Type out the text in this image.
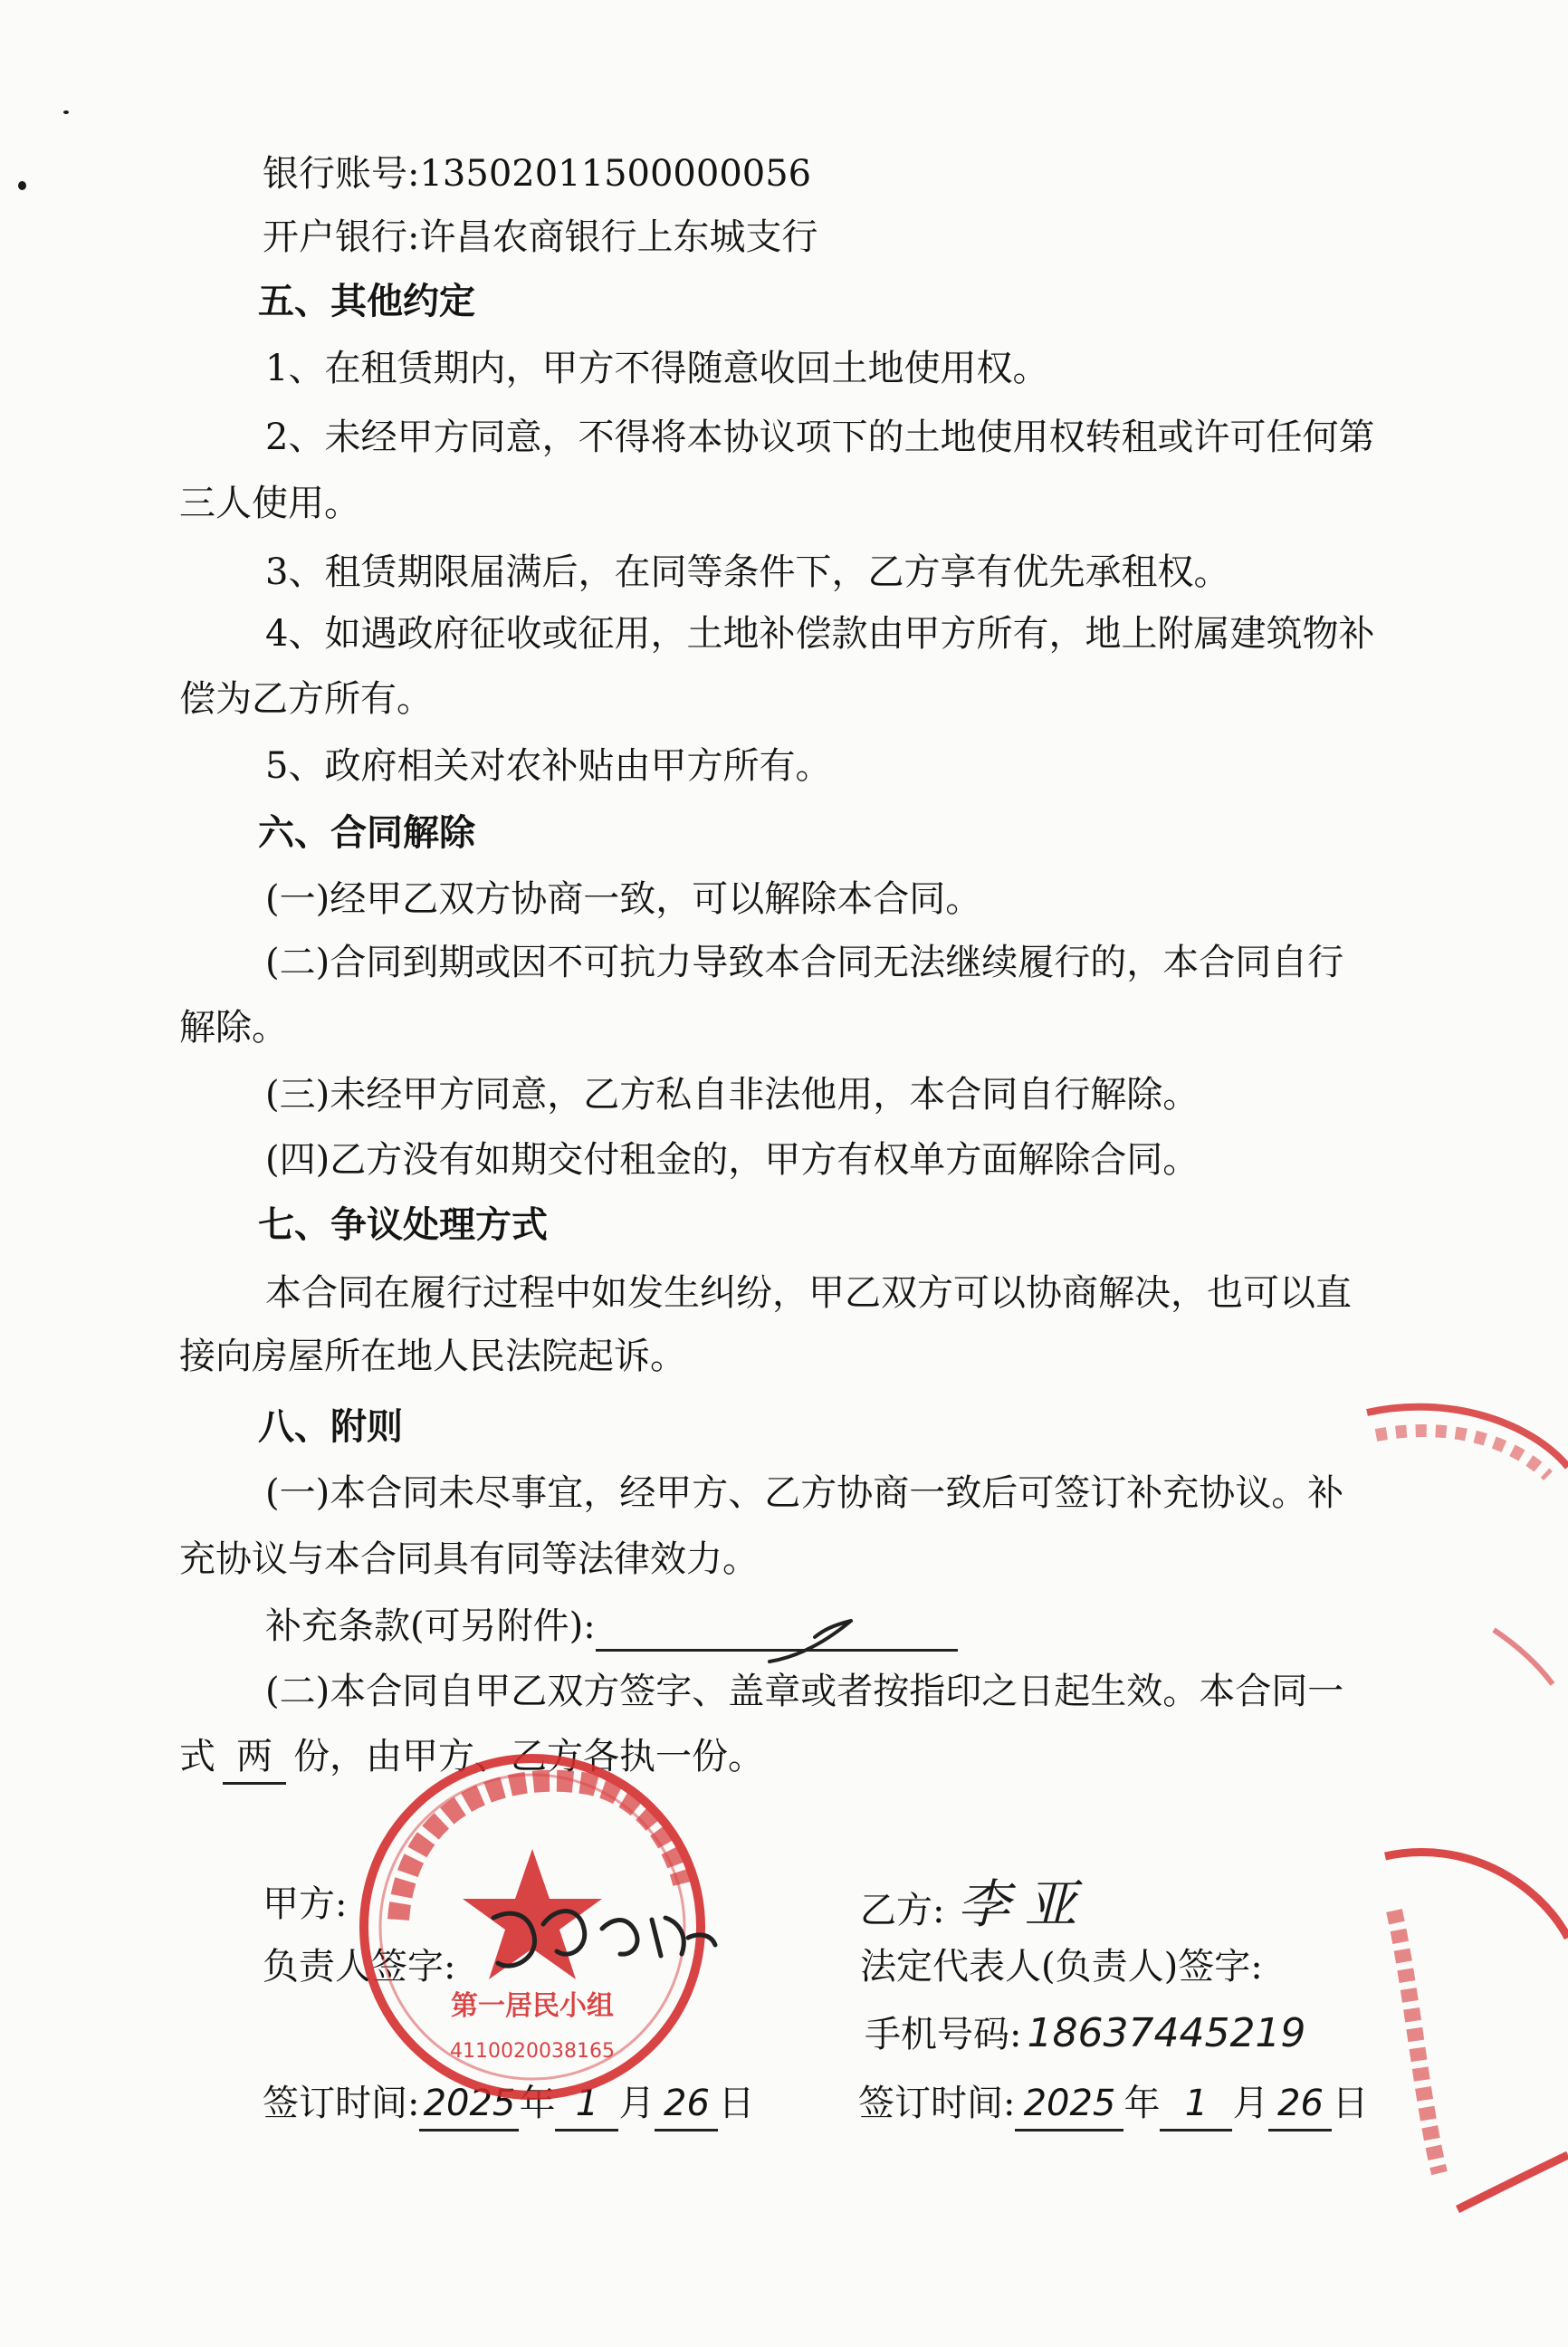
银行账号:13502011500000056
开户银行:许昌农商银行上东城支行
五、其他约定
1、在租赁期内，甲方不得随意收回土地使用权。
2、未经甲方同意，不得将本协议项下的土地使用权转租或许可任何第
三人使用。
3、租赁期限届满后，在同等条件下，乙方享有优先承租权。
4、如遇政府征收或征用，土地补偿款由甲方所有，地上附属建筑物补
偿为乙方所有。
5、政府相关对农补贴由甲方所有。
六、合同解除
(一)经甲乙双方协商一致，可以解除本合同。
(二)合同到期或因不可抗力导致本合同无法继续履行的，本合同自行
解除。
(三)未经甲方同意，乙方私自非法他用，本合同自行解除。
(四)乙方没有如期交付租金的，甲方有权单方面解除合同。
七、争议处理方式
本合同在履行过程中如发生纠纷，甲乙双方可以协商解决，也可以直
接向房屋所在地人民法院起诉。
八、附则
(一)本合同未尽事宜，经甲方、乙方协商一致后可签订补充协议。补
充协议与本合同具有同等法律效力。
补充条款(可另附件):
(二)本合同自甲乙双方签字、盖章或者按指印之日起生效。本合同一
式 两 份，由甲方、乙方各执一份。
甲方:
负责人签字:
签订时间: 2025 年 1 月 26 日
乙方: 李亚
法定代表人(负责人)签字:
手机号码: 18637445219
签订时间: 2025 年 1 月 26 日
第一居民小组
4110020038165
